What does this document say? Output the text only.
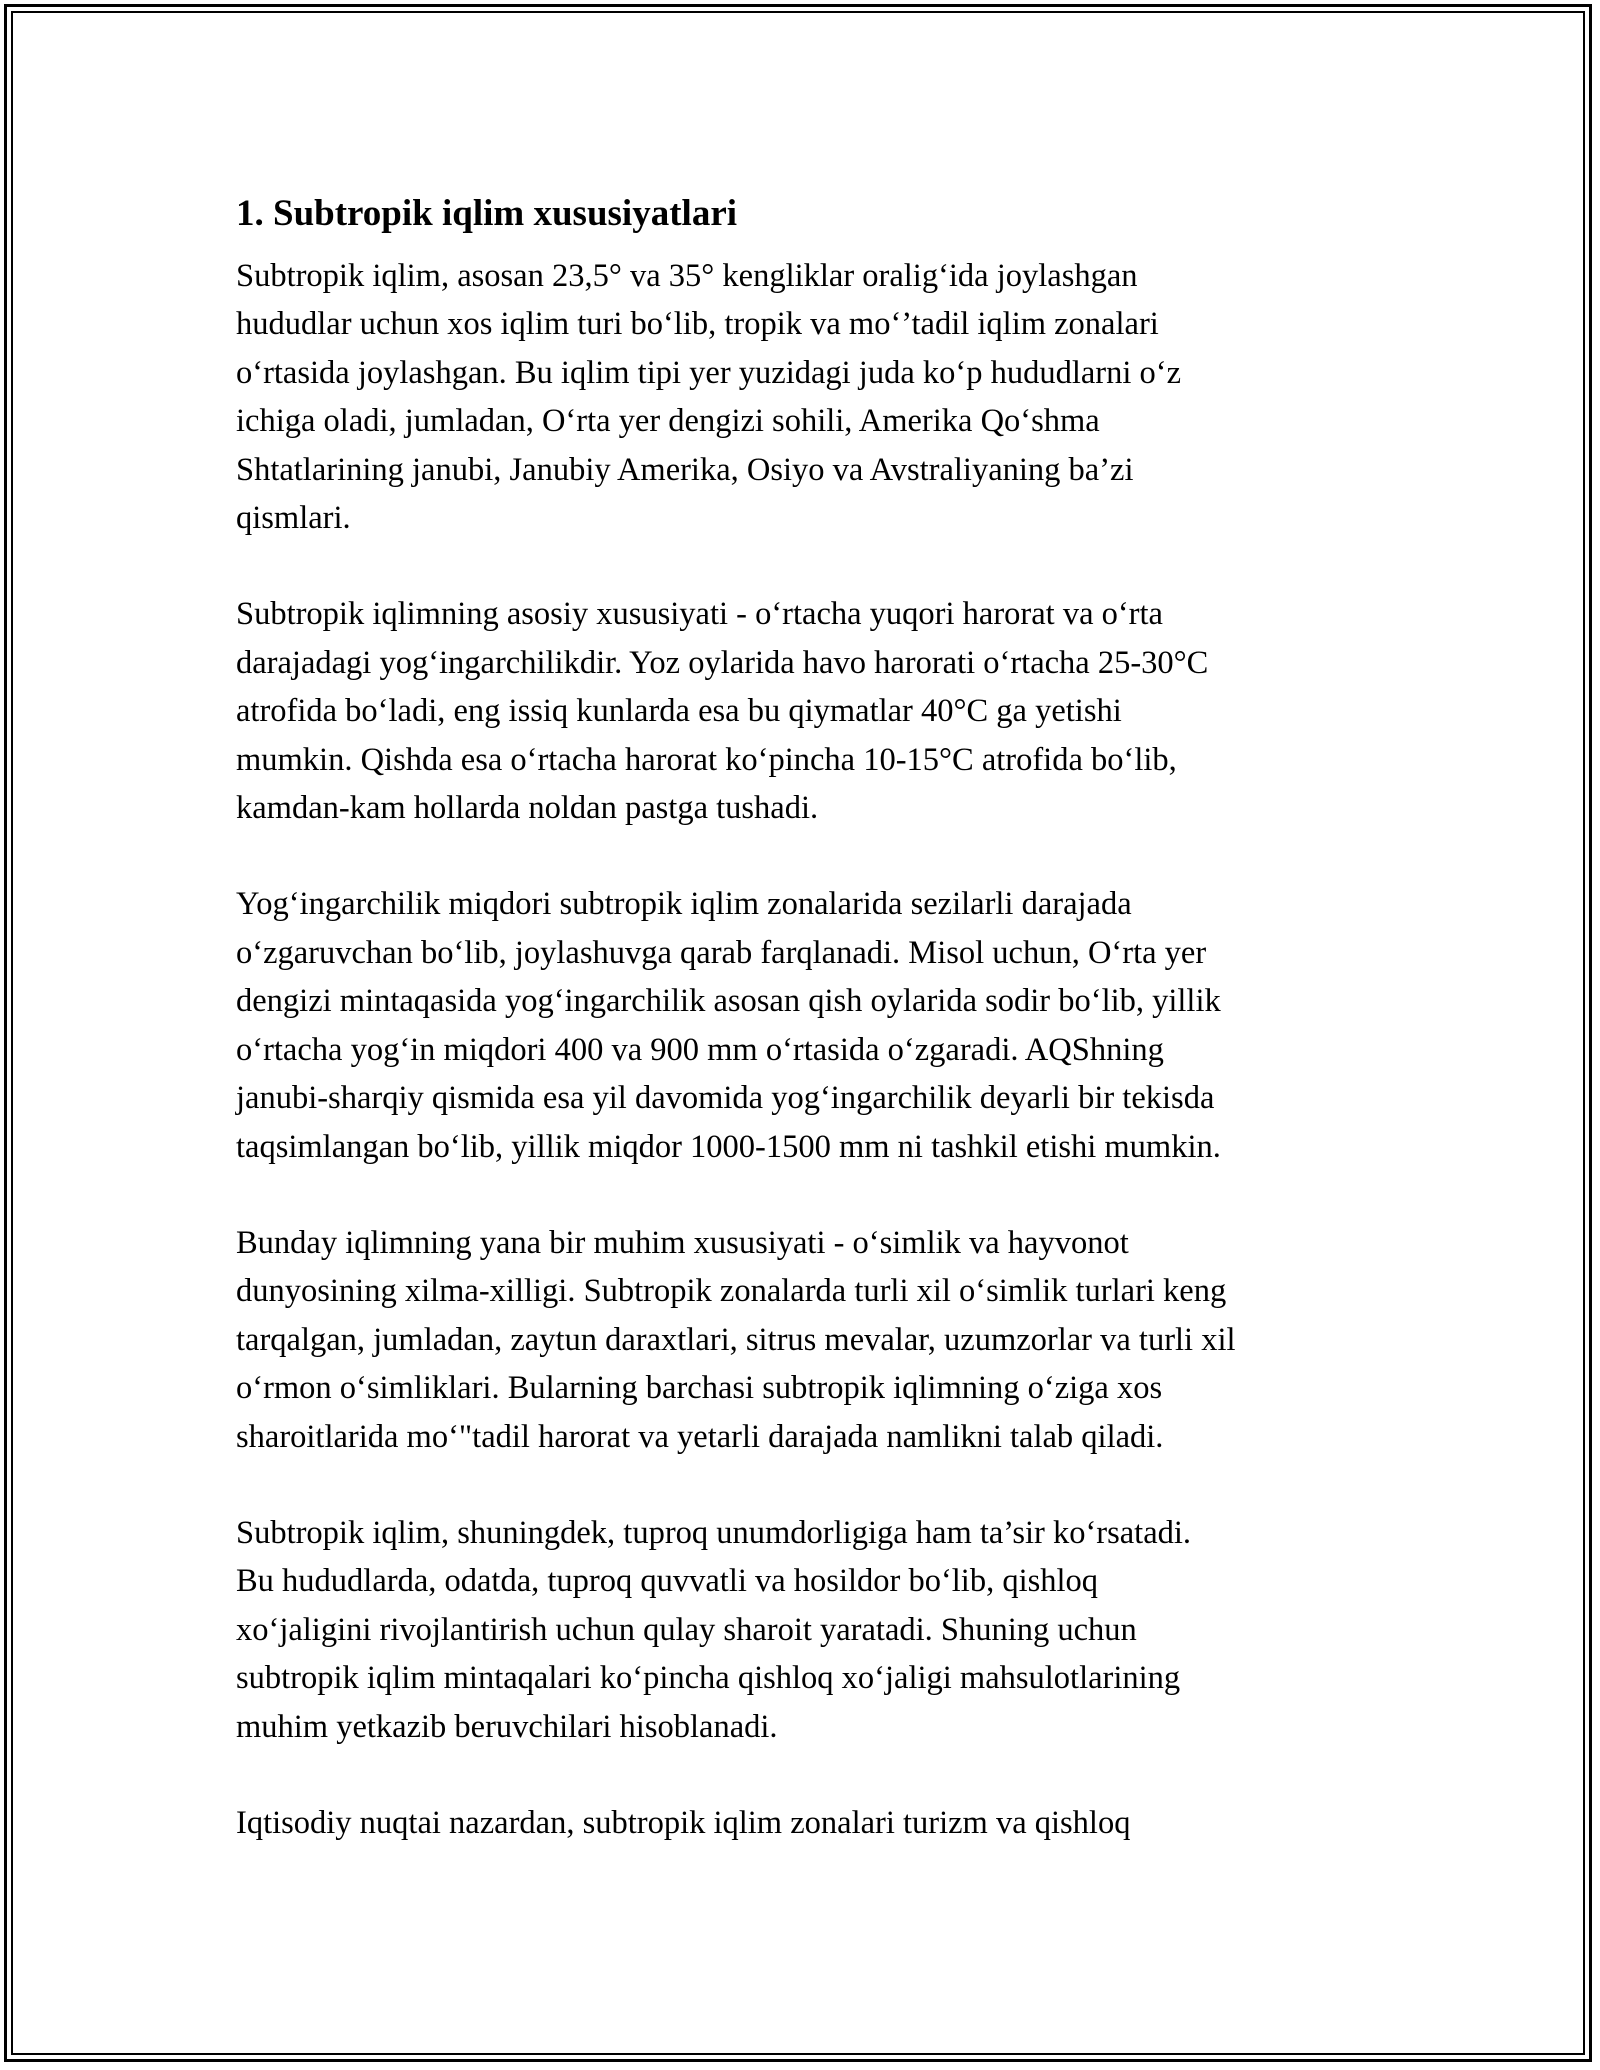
1. Subtropik iqlim xususiyatlari
Subtropik iqlim, asosan 23,5° va 35° kengliklar oralig‘ida joylashgan
hududlar uchun xos iqlim turi bo‘lib, tropik va mo‘’tadil iqlim zonalari
o‘rtasida joylashgan. Bu iqlim tipi yer yuzidagi juda ko‘p hududlarni o‘z
ichiga oladi, jumladan, O‘rta yer dengizi sohili, Amerika Qo‘shma
Shtatlarining janubi, Janubiy Amerika, Osiyo va Avstraliyaning ba’zi
qismlari.
Subtropik iqlimning asosiy xususiyati - o‘rtacha yuqori harorat va o‘rta
darajadagi yog‘ingarchilikdir. Yoz oylarida havo harorati o‘rtacha 25-30°C
atrofida bo‘ladi, eng issiq kunlarda esa bu qiymatlar 40°C ga yetishi
mumkin. Qishda esa o‘rtacha harorat ko‘pincha 10-15°C atrofida bo‘lib,
kamdan-kam hollarda noldan pastga tushadi.
Yog‘ingarchilik miqdori subtropik iqlim zonalarida sezilarli darajada
o‘zgaruvchan bo‘lib, joylashuvga qarab farqlanadi. Misol uchun, O‘rta yer
dengizi mintaqasida yog‘ingarchilik asosan qish oylarida sodir bo‘lib, yillik
o‘rtacha yog‘in miqdori 400 va 900 mm o‘rtasida o‘zgaradi. AQShning
janubi-sharqiy qismida esa yil davomida yog‘ingarchilik deyarli bir tekisda
taqsimlangan bo‘lib, yillik miqdor 1000-1500 mm ni tashkil etishi mumkin.
Bunday iqlimning yana bir muhim xususiyati - o‘simlik va hayvonot
dunyosining xilma-xilligi. Subtropik zonalarda turli xil o‘simlik turlari keng
tarqalgan, jumladan, zaytun daraxtlari, sitrus mevalar, uzumzorlar va turli xil
o‘rmon o‘simliklari. Bularning barchasi subtropik iqlimning o‘ziga xos
sharoitlarida mo‘"tadil harorat va yetarli darajada namlikni talab qiladi.
Subtropik iqlim, shuningdek, tuproq unumdorligiga ham ta’sir ko‘rsatadi.
Bu hududlarda, odatda, tuproq quvvatli va hosildor bo‘lib, qishloq
xo‘jaligini rivojlantirish uchun qulay sharoit yaratadi. Shuning uchun
subtropik iqlim mintaqalari ko‘pincha qishloq xo‘jaligi mahsulotlarining
muhim yetkazib beruvchilari hisoblanadi.
Iqtisodiy nuqtai nazardan, subtropik iqlim zonalari turizm va qishloq
